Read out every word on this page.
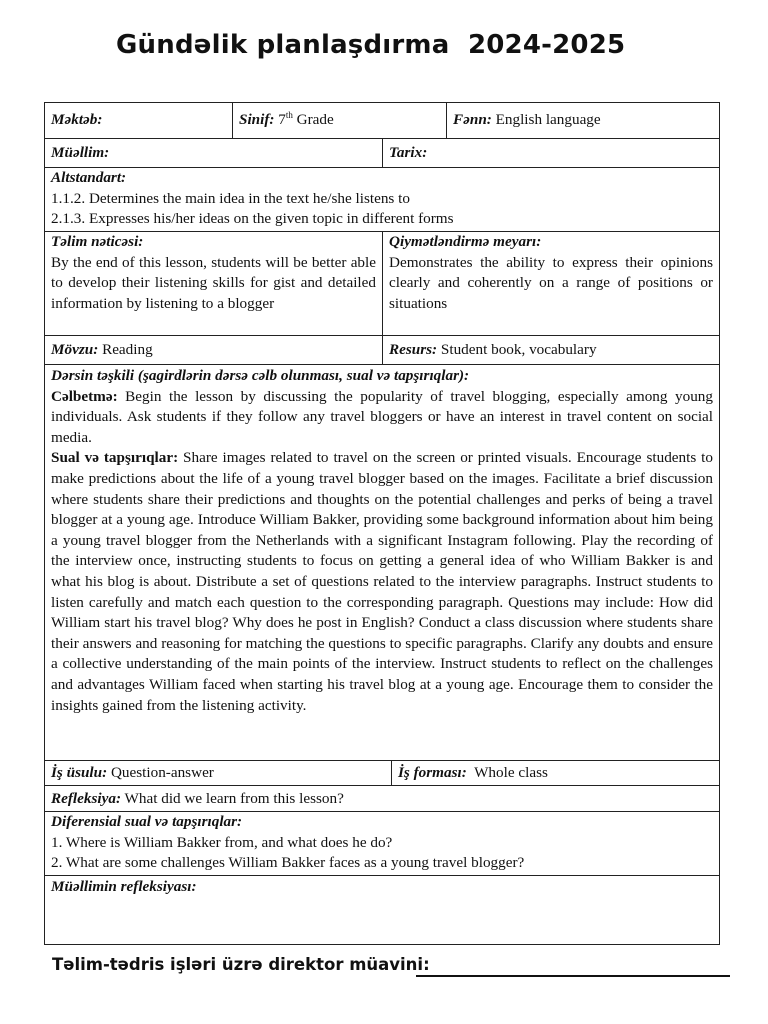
Gündəlik planlaşdırma  2024-2025
Məktəb:	Sinif: 7th Grade	Fənn: English language
Müəllim:	Tarix:
Altstandart:
1.1.2. Determines the main idea in the text he/she listens to
2.1.3. Expresses his/her ideas on the given topic in different forms
Təlim nəticəsi:
By the end of this lesson, students will be better able to develop their listening skills for gist and detailed information by listening to a blogger
Qiymətləndirmə meyarı:
Demonstrates the ability to express their opinions clearly and coherently on a range of positions or situations
Mövzu: Reading	Resurs: Student book, vocabulary
Dərsin təşkili (şagirdlərin dərsə cəlb olunması, sual və tapşırıqlar):
Cəlbetmə: Begin the lesson by discussing the popularity of travel blogging, especially among young individuals. Ask students if they follow any travel bloggers or have an interest in travel content on social media.
Sual və tapşırıqlar: Share images related to travel on the screen or printed visuals. Encourage students to make predictions about the life of a young travel blogger based on the images. Facilitate a brief discussion where students share their predictions and thoughts on the potential challenges and perks of being a travel blogger at a young age. Introduce William Bakker, providing some background information about him being a young travel blogger from the Netherlands with a significant Instagram following. Play the recording of the interview once, instructing students to focus on getting a general idea of who William Bakker is and what his blog is about. Distribute a set of questions related to the interview paragraphs. Instruct students to listen carefully and match each question to the corresponding paragraph. Questions may include: How did William start his travel blog? Why does he post in English? Conduct a class discussion where students share their answers and reasoning for matching the questions to specific paragraphs. Clarify any doubts and ensure a collective understanding of the main points of the interview. Instruct students to reflect on the challenges and advantages William faced when starting his travel blog at a young age. Encourage them to consider the insights gained from the listening activity.
İş üsulu: Question-answer	İş forması:  Whole class
Refleksiya: What did we learn from this lesson?
Diferensial sual və tapşırıqlar:
1. Where is William Bakker from, and what does he do?
2. What are some challenges William Bakker faces as a young travel blogger?
Müəllimin refleksiyası:
Təlim-tədris işləri üzrə direktor müavini:
